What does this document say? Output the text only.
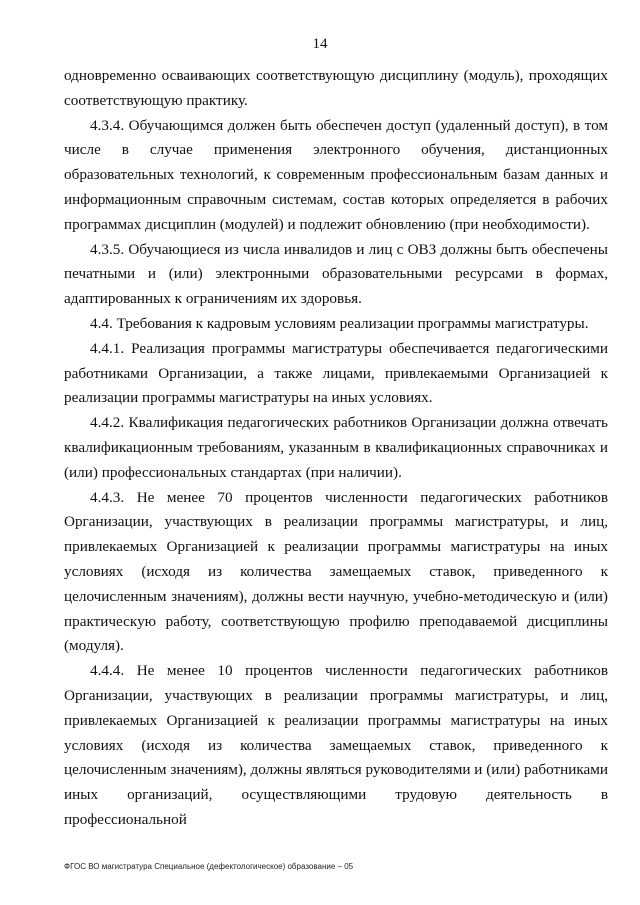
14

одновременно осваивающих соответствующую дисциплину (модуль), проходящих соответствующую практику.

4.3.4. Обучающимся должен быть обеспечен доступ (удаленный доступ), в том числе в случае применения электронного обучения, дистанционных образовательных технологий, к современным профессиональным базам данных и информационным справочным системам, состав которых определяется в рабочих программах дисциплин (модулей) и подлежит обновлению (при необходимости).

4.3.5. Обучающиеся из числа инвалидов и лиц с ОВЗ должны быть обеспечены печатными и (или) электронными образовательными ресурсами в формах, адаптированных к ограничениям их здоровья.

4.4. Требования к кадровым условиям реализации программы магистратуры.

4.4.1. Реализация программы магистратуры обеспечивается педагогическими работниками Организации, а также лицами, привлекаемыми Организацией к реализации программы магистратуры на иных условиях.

4.4.2. Квалификация педагогических работников Организации должна отвечать квалификационным требованиям, указанным в квалификационных справочниках и (или) профессиональных стандартах (при наличии).

4.4.3. Не менее 70 процентов численности педагогических работников Организации, участвующих в реализации программы магистратуры, и лиц, привлекаемых Организацией к реализации программы магистратуры на иных условиях (исходя из количества замещаемых ставок, приведенного к целочисленным значениям), должны вести научную, учебно-методическую и (или) практическую работу, соответствующую профилю преподаваемой дисциплины (модуля).

4.4.4. Не менее 10 процентов численности педагогических работников Организации, участвующих в реализации программы магистратуры, и лиц, привлекаемых Организацией к реализации программы магистратуры на иных условиях (исходя из количества замещаемых ставок, приведенного к целочисленным значениям), должны являться руководителями и (или) работниками иных организаций, осуществляющими трудовую деятельность в профессиональной

ФГОС ВО магистратура Специальное (дефектологическое) образование – 05
